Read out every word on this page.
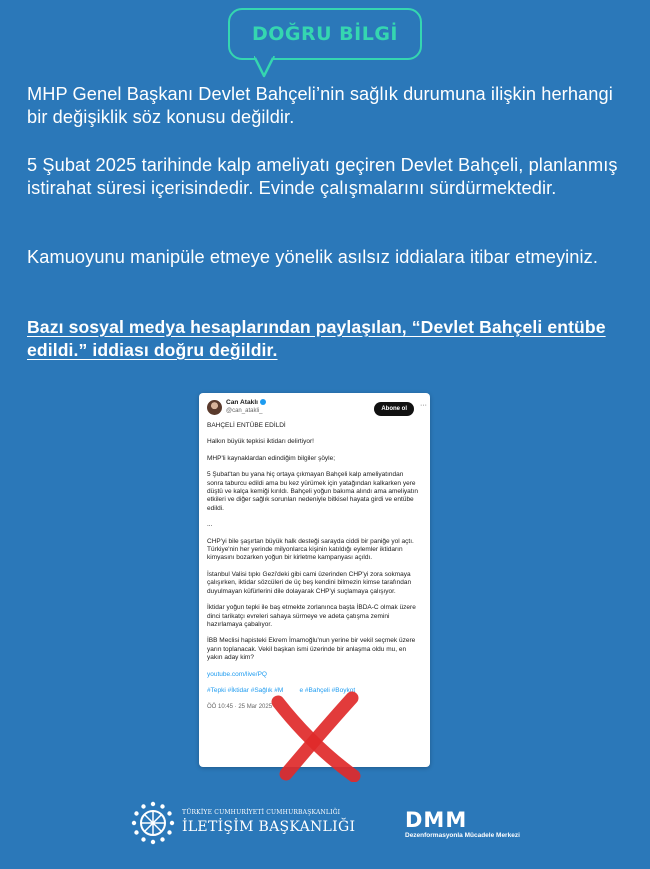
DOĞRU BİLGİ

MHP Genel Başkanı Devlet Bahçeli’nin sağlık durumuna ilişkin herhangi bir değişiklik söz konusu değildir.

5 Şubat 2025 tarihinde kalp ameliyatı geçiren Devlet Bahçeli, planlanmış istirahat süresi içerisindedir. Evinde çalışmalarını sürdürmektedir.

Kamuoyunu manipüle etmeye yönelik asılsız iddialara itibar etmeyiniz.

Bazı sosyal medya hesaplarından paylaşılan, “Devlet Bahçeli entübe edildi.” iddiası doğru değildir.

Can Ataklı
@can_atakli_	Abone ol	···

BAHÇELİ ENTÜBE EDİLDİ

Halkın büyük tepkisi iktidarı delirtiyor!

MHP'li kaynaklardan edindiğim bilgiler şöyle;

5 Şubat'tan bu yana hiç ortaya çıkmayan Bahçeli kalp ameliyatından sonra taburcu edildi ama bu kez yürümek için yatağından kalkarken yere düştü ve kalça kemiği kırıldı. Bahçeli yoğun bakıma alındı ama ameliyatın etkileri ve diğer sağlık sorunları nedeniyle bitkisel hayata girdi ve entübe edildi.

...

CHP'yi bile şaşırtan büyük halk desteği sarayda ciddi bir paniğe yol açtı. Türkiye'nin her yerinde milyonlarca kişinin katıldığı eylemler iktidarın kimyasını bozarken yoğun bir kirletme kampanyası açıldı.

İstanbul Valisi tıpkı Gezi'deki gibi cami üzerinden CHP'yi zora sokmaya çalışırken, iktidar sözcüleri de üç beş kendini bilmezin kimse tarafından duyulmayan küfürlerini dile dolayarak CHP'yi suçlamaya çalışıyor.

İktidar yoğun tepki ile baş etmekte zorlanınca başta İBDA-C olmak üzere dinci tarikatçı evreleri sahaya sürmeye ve adeta çatışma zemini hazırlamaya çabalıyor.

İBB Meclisi hapisteki Ekrem İmamoğlu'nun yerine bir vekil seçmek üzere yarın toplanacak. Vekil başkan ismi üzerinde bir anlaşma oldu mu, en yakın aday kim?

youtube.com/live/PQ

#Tepki #İktidar #Sağlık #M         e #Bahçeli #Boykot

ÖÖ 10:45 · 25 Mar 2025 ·

TÜRKİYE CUMHURİYETİ CUMHURBAŞKANLIĞI
İLETİŞİM BAŞKANLIĞI DMM
Dezenformasyonla Mücadele Merkezi
